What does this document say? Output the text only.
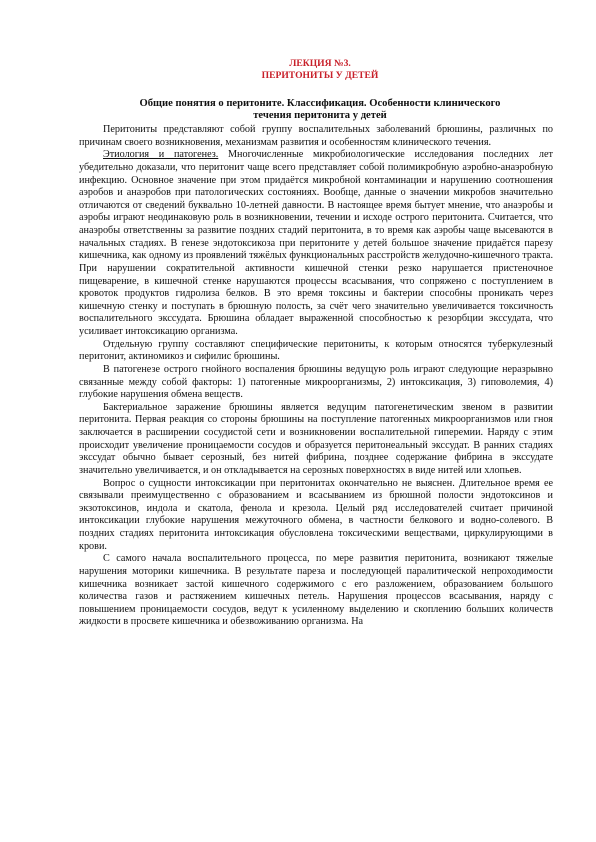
ЛЕКЦИЯ №3.

ПЕРИТОНИТЫ У ДЕТЕЙ

Общие понятия о перитоните. Классификация. Особенности клинического
течения перитонита у детей

Перитониты представляют собой группу воспалительных заболеваний брюшины, различных по причинам своего возникновения, механизмам развития и особенностям клинического течения.

Этиология и патогенез. Многочисленные микробиологические исследования последних лет убедительно доказали, что перитонит чаще всего представляет собой полимикробную аэробно-анаэробную инфекцию. Основное значение при этом придаётся микробной контаминации и нарушению соотношения аэробов и анаэробов при патологических состояниях. Вообще, данные о значении микробов значительно отличаются от сведений буквально 10-летней давности. В настоящее время бытует мнение, что анаэробы и аэробы играют неодинаковую роль в возникновении, течении и исходе острого перитонита. Считается, что анаэробы ответственны за развитие поздних стадий перитонита, в то время как аэробы чаще высеваются в начальных стадиях. В генезе эндотоксикоза при перитоните у детей большое значение придаётся парезу кишечника, как одному из проявлений тяжёлых функциональных расстройств желудочно-кишечного тракта. При нарушении сократительной активности кишечной стенки резко нарушается пристеночное пищеварение, в кишечной стенке нарушаются процессы всасывания, что сопряжено с поступлением в кровоток продуктов гидролиза белков. В это время токсины и бактерии способны проникать через кишечную стенку и поступать в брюшную полость, за счёт чего значительно увеличивается токсичность воспалительного экссудата. Брюшина обладает выраженной способностью к резорбции экссудата, что усиливает интоксикацию организма.

Отдельную группу составляют специфические перитониты, к которым относятся туберкулезный перитонит, актиномикоз и сифилис брюшины.

В патогенезе острого гнойного воспаления брюшины ведущую роль играют следующие неразрывно связанные между собой факторы: 1) патогенные микроорганизмы, 2) интоксикация, 3) гиповолемия, 4) глубокие нарушения обмена веществ.

Бактериальное заражение брюшины является ведущим патогенетическим звеном в развитии перитонита. Первая реакция со стороны брюшины на поступление патогенных микроорганизмов или гноя заключается в расширении сосудистой сети и возникновении воспалительной гиперемии. Наряду с этим происходит увеличение проницаемости сосудов и образуется перитонеальный экссудат. В ранних стадиях экссудат обычно бывает серозный, без нитей фибрина, позднее содержание фибрина в экссудате значительно увеличивается, и он откладывается на серозных поверхностях в виде нитей или хлопьев.

Вопрос о сущности интоксикации при перитонитах окончательно не выяснен. Длительное время ее связывали преимущественно с образованием и всасыванием из брюшной полости эндотоксинов и экзотоксинов, индола и скатола, фенола и крезола. Целый ряд исследователей считает причиной интоксикации глубокие нарушения межуточного обмена, в частности белкового и водно-солевого. В поздних стадиях перитонита интоксикация обусловлена токсическими веществами, циркулирующими в крови.

С самого начала воспалительного процесса, по мере развития перитонита, возникают тяжелые нарушения моторики кишечника. В результате пареза и последующей паралитической непроходимости кишечника возникает застой кишечного содержимого с его разложением, образованием большого количества газов и растяжением кишечных петель. Нарушения процессов всасывания, наряду с повышением проницаемости сосудов, ведут к усиленному выделению и скоплению больших количеств жидкости в просвете кишечника и обезвоживанию организма. На
